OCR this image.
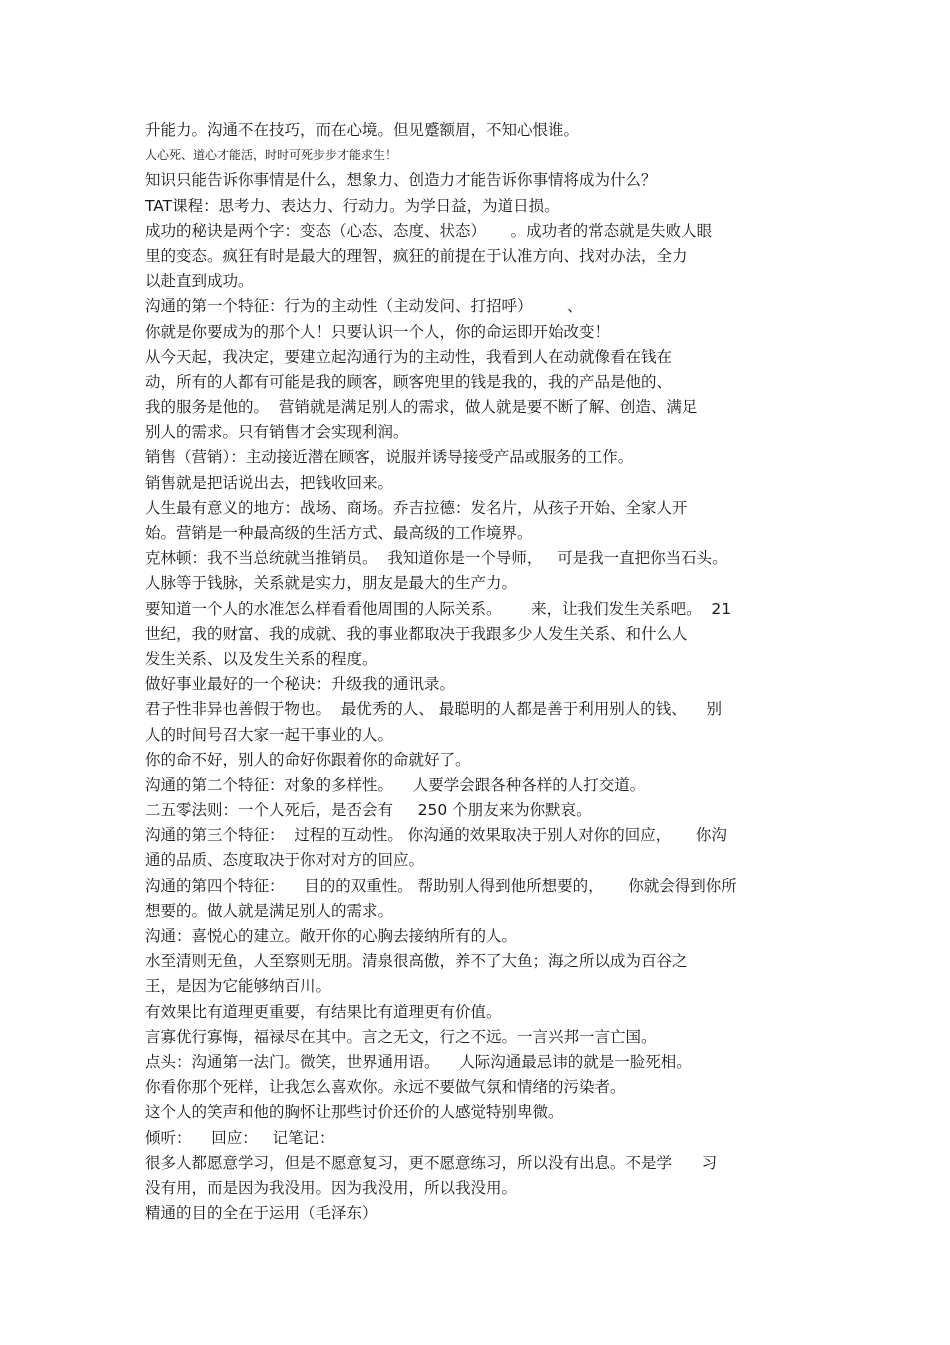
升能力。沟通不在技巧，而在心境。但见蹙额眉，不知心恨谁。
人心死、道心才能活，时时可死步步才能求生！
知识只能告诉你事情是什么，想象力、创造力才能告诉你事情将成为什么？
TAT课程：思考力、表达力、行动力。为学日益，为道日损。
成功的秘诀是两个字：变态（心态、态度、状态）     。成功者的常态就是失败人眼
里的变态。疯狂有时是最大的理智，疯狂的前提在于认准方向、找对办法，全力
以赴直到成功。
沟通的第一个特征：行为的主动性（主动发问、打招呼）       、
你就是你要成为的那个人！只要认识一个人，你的命运即开始改变！
从今天起，我决定，要建立起沟通行为的主动性，我看到人在动就像看在钱在
动，所有的人都有可能是我的顾客，顾客兜里的钱是我的，我的产品是他的、
我的服务是他的。  营销就是满足别人的需求，做人就是要不断了解、创造、满足
别人的需求。只有销售才会实现利润。
销售（营销）：主动接近潜在顾客，说服并诱导接受产品或服务的工作。
销售就是把话说出去，把钱收回来。
人生最有意义的地方：战场、商场。乔吉拉德：发名片，从孩子开始、全家人开
始。营销是一种最高级的生活方式、最高级的工作境界。
克林顿：我不当总统就当推销员。  我知道你是一个导师，   可是我一直把你当石头。
人脉等于钱脉，关系就是实力，朋友是最大的生产力。
要知道一个人的水准怎么样看看他周围的人际关系。      来，让我们发生关系吧。  21
世纪，我的财富、我的成就、我的事业都取决于我跟多少人发生关系、和什么人
发生关系、以及发生关系的程度。
做好事业最好的一个秘诀：升级我的通讯录。
君子性非异也善假于物也。  最优秀的人、 最聪明的人都是善于利用别人的钱、    别
人的时间号召大家一起干事业的人。
你的命不好，别人的命好你跟着你的命就好了。
沟通的第二个特征：对象的多样性。    人要学会跟各种各样的人打交道。
二五零法则：一个人死后，是否会有     250 个朋友来为你默哀。
沟通的第三个特征：  过程的互动性。 你沟通的效果取决于别人对你的回应，     你沟
通的品质、态度取决于你对对方的回应。
沟通的第四个特征：    目的的双重性。 帮助别人得到他所想要的，     你就会得到你所
想要的。做人就是满足别人的需求。
沟通：喜悦心的建立。敞开你的心胸去接纳所有的人。
水至清则无鱼，人至察则无朋。清泉很高傲，养不了大鱼；海之所以成为百谷之
王，是因为它能够纳百川。
有效果比有道理更重要，有结果比有道理更有价值。
言寡优行寡悔，福禄尽在其中。言之无文，行之不远。一言兴邦一言亡国。
点头：沟通第一法门。微笑，世界通用语。    人际沟通最忌讳的就是一脸死相。
你看你那个死样，让我怎么喜欢你。永远不要做气氛和情绪的污染者。
这个人的笑声和他的胸怀让那些讨价还价的人感觉特别卑微。
倾听：    回应：   记笔记：
很多人都愿意学习，但是不愿意复习，更不愿意练习，所以没有出息。不是学      习
没有用，而是因为我没用。因为我没用，所以我没用。
精通的目的全在于运用（毛泽东）
